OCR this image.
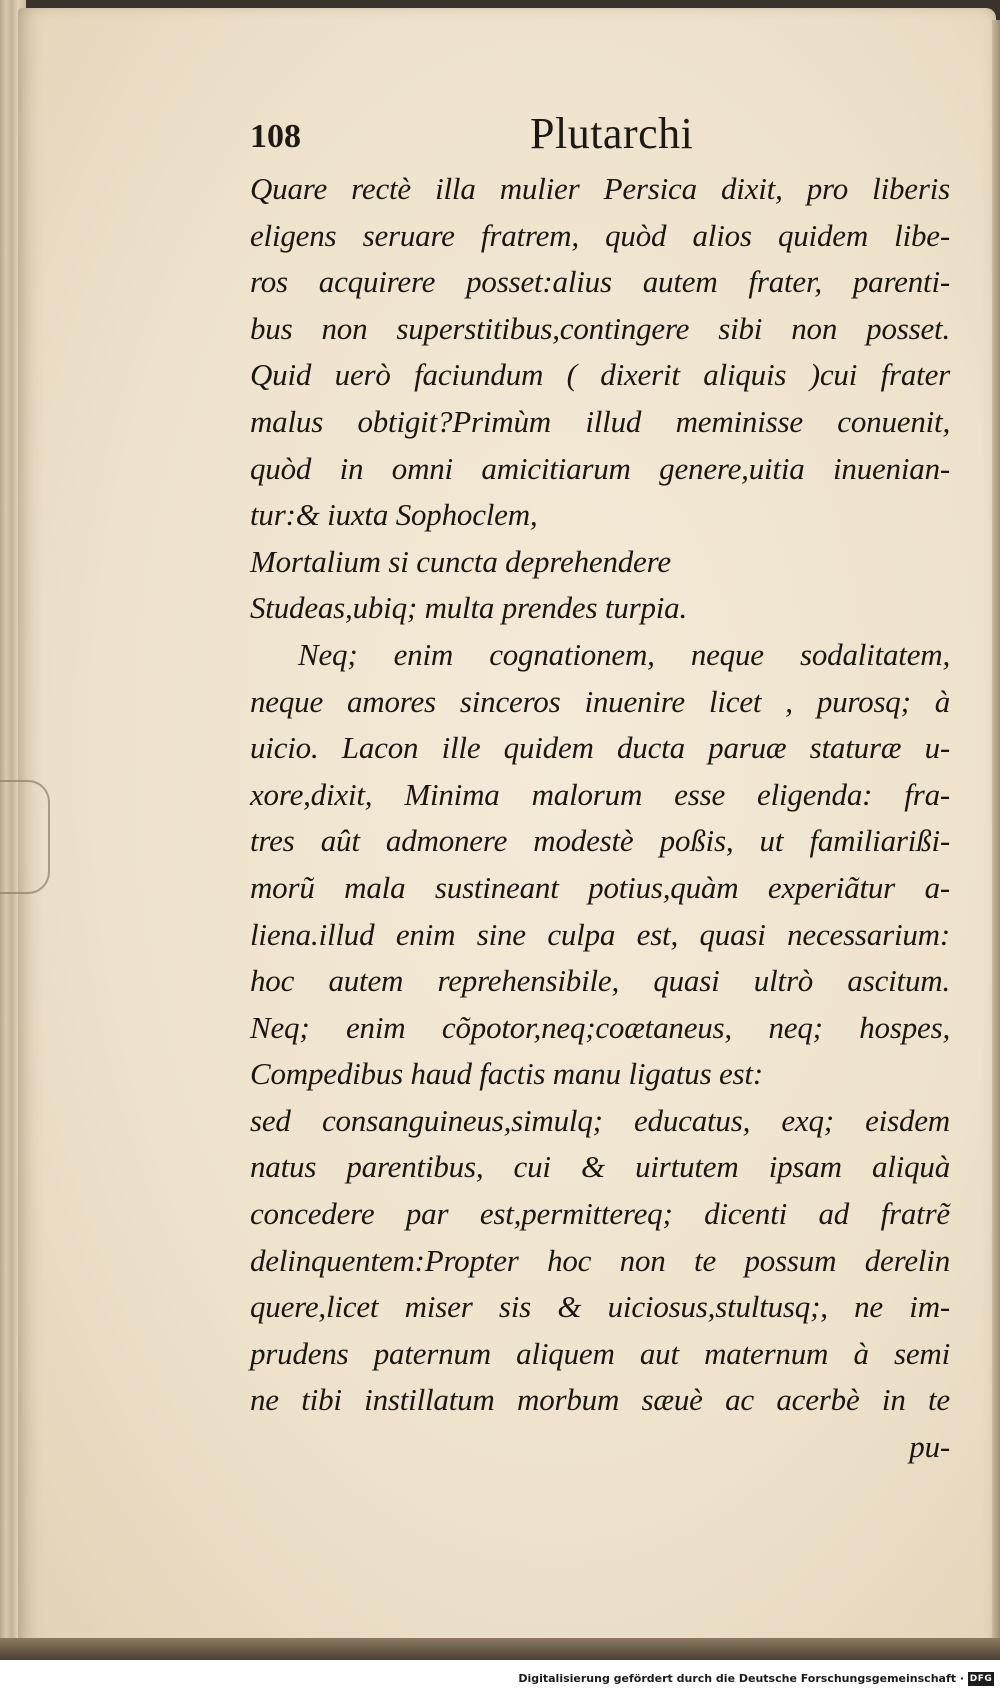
108	Plutarchi
Quare rectè illa mulier Persica dixit, pro liberis
eligens seruare fratrem, quòd alios quidem libe-
ros acquirere posset:alius autem frater, parenti-
bus non superstitibus,contingere sibi non posset.
Quid uerò faciundum ( dixerit aliquis )cui frater
malus obtigit?Primùm illud meminisse conuenit,
quòd in omni amicitiarum genere,uitia inuenian-
tur:& iuxta Sophoclem,
Mortalium si cuncta deprehendere
Studeas,ubiq; multa prendes turpia.
Neq; enim cognationem, neque sodalitatem,
neque amores sinceros inuenire licet , purosq; à
uicio. Lacon ille quidem ducta paruæ staturæ u-
xore,dixit, Minima malorum esse eligenda: fra-
tres aût admonere modestè poßis, ut familiarißi-
morũ mala sustineant potius,quàm experiãtur a-
liena.illud enim sine culpa est, quasi necessarium:
hoc autem reprehensibile, quasi ultrò ascitum.
Neq; enim cõpotor,neq;coætaneus, neq; hospes,
Compedibus haud factis manu ligatus est:
sed consanguineus,simulq; educatus, exq; eisdem
natus parentibus, cui & uirtutem ipsam aliquà
concedere par est,permittereq; dicenti ad fratrẽ
delinquentem:Propter hoc non te possum derelin
quere,licet miser sis & uiciosus,stultusq;, ne im-
prudens paternum aliquem aut maternum à semi
ne tibi instillatum morbum sæuè ac acerbè in te
pu-
Digitalisierung gefördert durch die Deutsche Forschungsgemeinschaft · DFG
